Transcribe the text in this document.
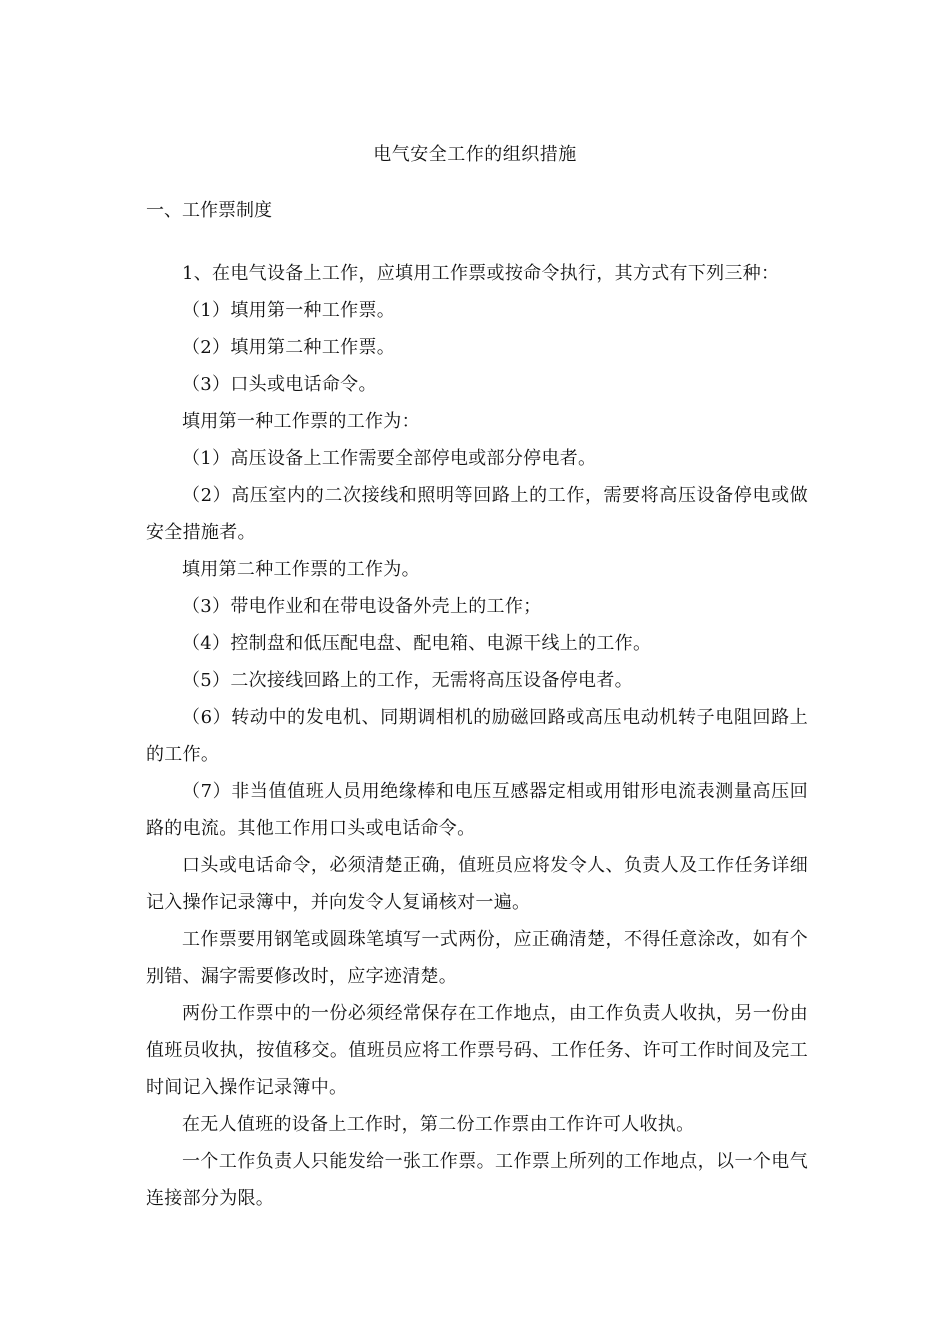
电气安全工作的组织措施
一、工作票制度

1、在电气设备上工作，应填用工作票或按命令执行，其方式有下列三种：

（1）填用第一种工作票。

（2）填用第二种工作票。

（3）口头或电话命令。

填用第一种工作票的工作为：

（1）高压设备上工作需要全部停电或部分停电者。

（2）高压室内的二次接线和照明等回路上的工作，需要将高压设备停电或做安全措施者。

填用第二种工作票的工作为。

（3）带电作业和在带电设备外壳上的工作；

（4）控制盘和低压配电盘、配电箱、电源干线上的工作。

（5）二次接线回路上的工作，无需将高压设备停电者。

（6）转动中的发电机、同期调相机的励磁回路或高压电动机转子电阻回路上的工作。

（7）非当值值班人员用绝缘棒和电压互感器定相或用钳形电流表测量高压回路的电流。其他工作用口头或电话命令。

口头或电话命令，必须清楚正确，值班员应将发令人、负责人及工作任务详细记入操作记录簿中，并向发令人复诵核对一遍。

工作票要用钢笔或圆珠笔填写一式两份，应正确清楚，不得任意涂改，如有个别错、漏字需要修改时，应字迹清楚。

两份工作票中的一份必须经常保存在工作地点，由工作负责人收执，另一份由值班员收执，按值移交。值班员应将工作票号码、工作任务、许可工作时间及完工时间记入操作记录簿中。

在无人值班的设备上工作时，第二份工作票由工作许可人收执。

一个工作负责人只能发给一张工作票。工作票上所列的工作地点，以一个电气连接部分为限。
